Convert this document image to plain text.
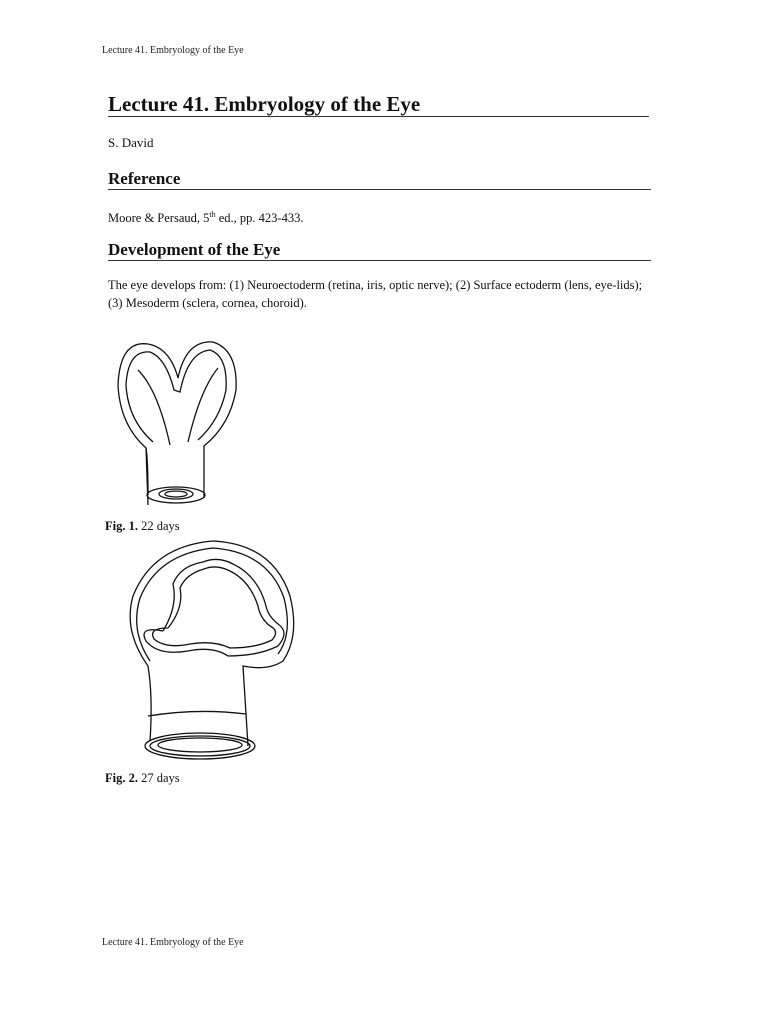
Lecture 41. Embryology of the Eye
Lecture 41. Embryology of the Eye
S. David
Reference
Moore & Persaud, 5th ed., pp. 423-433.
Development of the Eye
The eye develops from: (1) Neuroectoderm (retina, iris, optic nerve); (2) Surface ectoderm (lens, eye-lids); (3) Mesoderm (sclera, cornea, choroid).
Fig. 1. 22 days
Fig. 2. 27 days
Lecture 41. Embryology of the Eye
